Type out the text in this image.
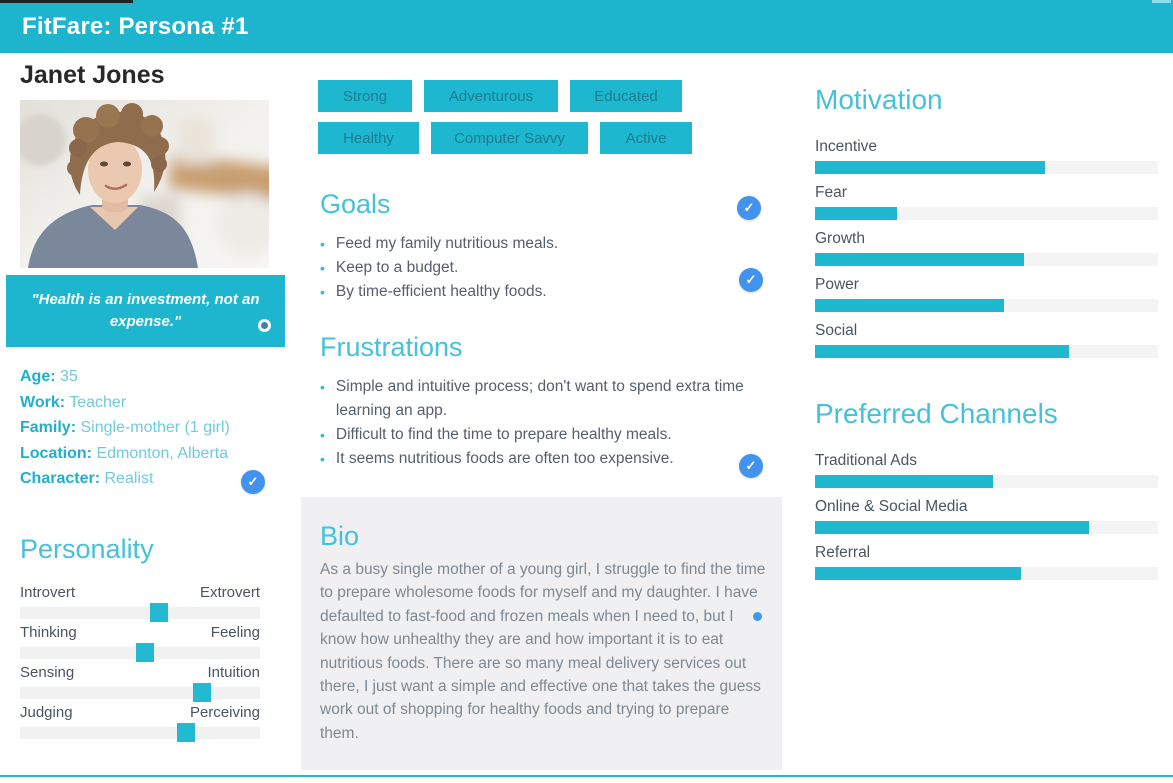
FitFare: Persona #1
Janet Jones
"Health is an investment, not an expense."
Age: 35
Work: Teacher
Family: Single-mother (1 girl)
Location: Edmonton, Alberta
Character: Realist	✓
Personality
Introvert	Extrovert
Thinking	Feeling
Sensing	Intuition
Judging	Perceiving
Strong	Adventurous	Educated
Healthy	Computer Savvy	Active
Goals
• Feed my family nutritious meals.
• Keep to a budget.
• By time-efficient healthy foods.
✓
✓
Frustrations
• Simple and intuitive process; don't want to spend extra time learning an app.
• Difficult to find the time to prepare healthy meals.
• It seems nutritious foods are often too expensive.	✓
Bio
As a busy single mother of a young girl, I struggle to find the time to prepare wholesome foods for myself and my daughter. I have defaulted to fast-food and frozen meals when I need to, but I know how unhealthy they are and how important it is to eat nutritious foods. There are so many meal delivery services out there, I just want a simple and effective one that takes the guess work out of shopping for healthy foods and trying to prepare them.
Motivation
Incentive
Fear
Growth
Power
Social
Preferred Channels
Traditional Ads
Online & Social Media
Referral
